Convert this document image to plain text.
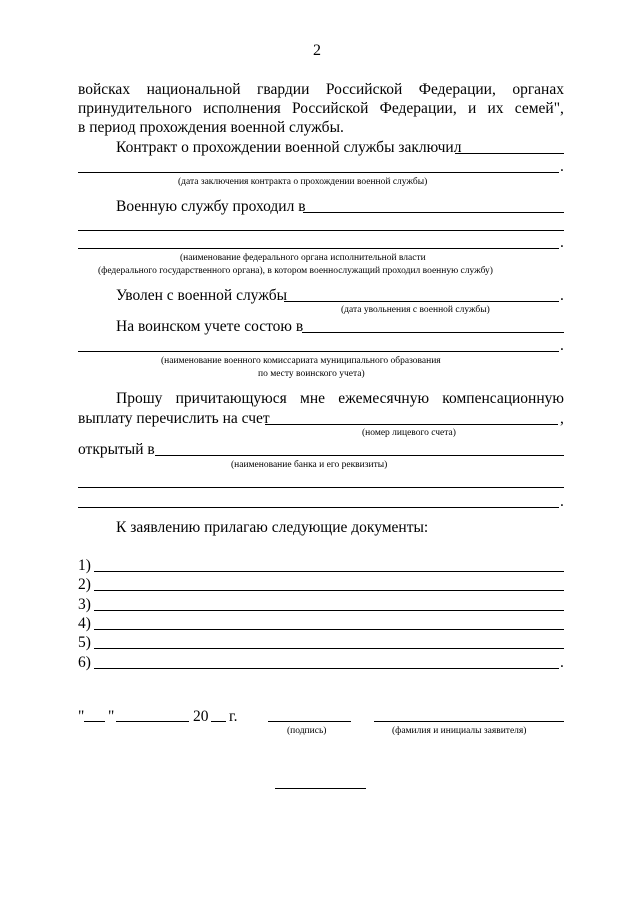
2
войсках национальной гвардии Российской Федерации, органах
принудительного исполнения Российской Федерации, и их семей",
в период прохождения военной службы.
Контракт о прохождении военной службы заключил
.
(дата заключения контракта о прохождении военной службы)
Военную службу проходил в
.
(наименование федерального органа исполнительной власти
(федерального государственного органа), в котором военнослужащий проходил военную службу)
Уволен с военной службы	.
(дата увольнения с военной службы)
На воинском учете состою в
.
(наименование военного комиссариата муниципального образования
по месту воинского учета)
Прошу причитающуюся мне ежемесячную компенсационную
выплату перечислить на счет	,
(номер лицевого счета)
открытый в
(наименование банка и его реквизиты)
.
К заявлению прилагаю следующие документы:
1)
2)
3)
4)
5)
6)	.
" "	20 г.
(подпись)	(фамилия и инициалы заявителя)
